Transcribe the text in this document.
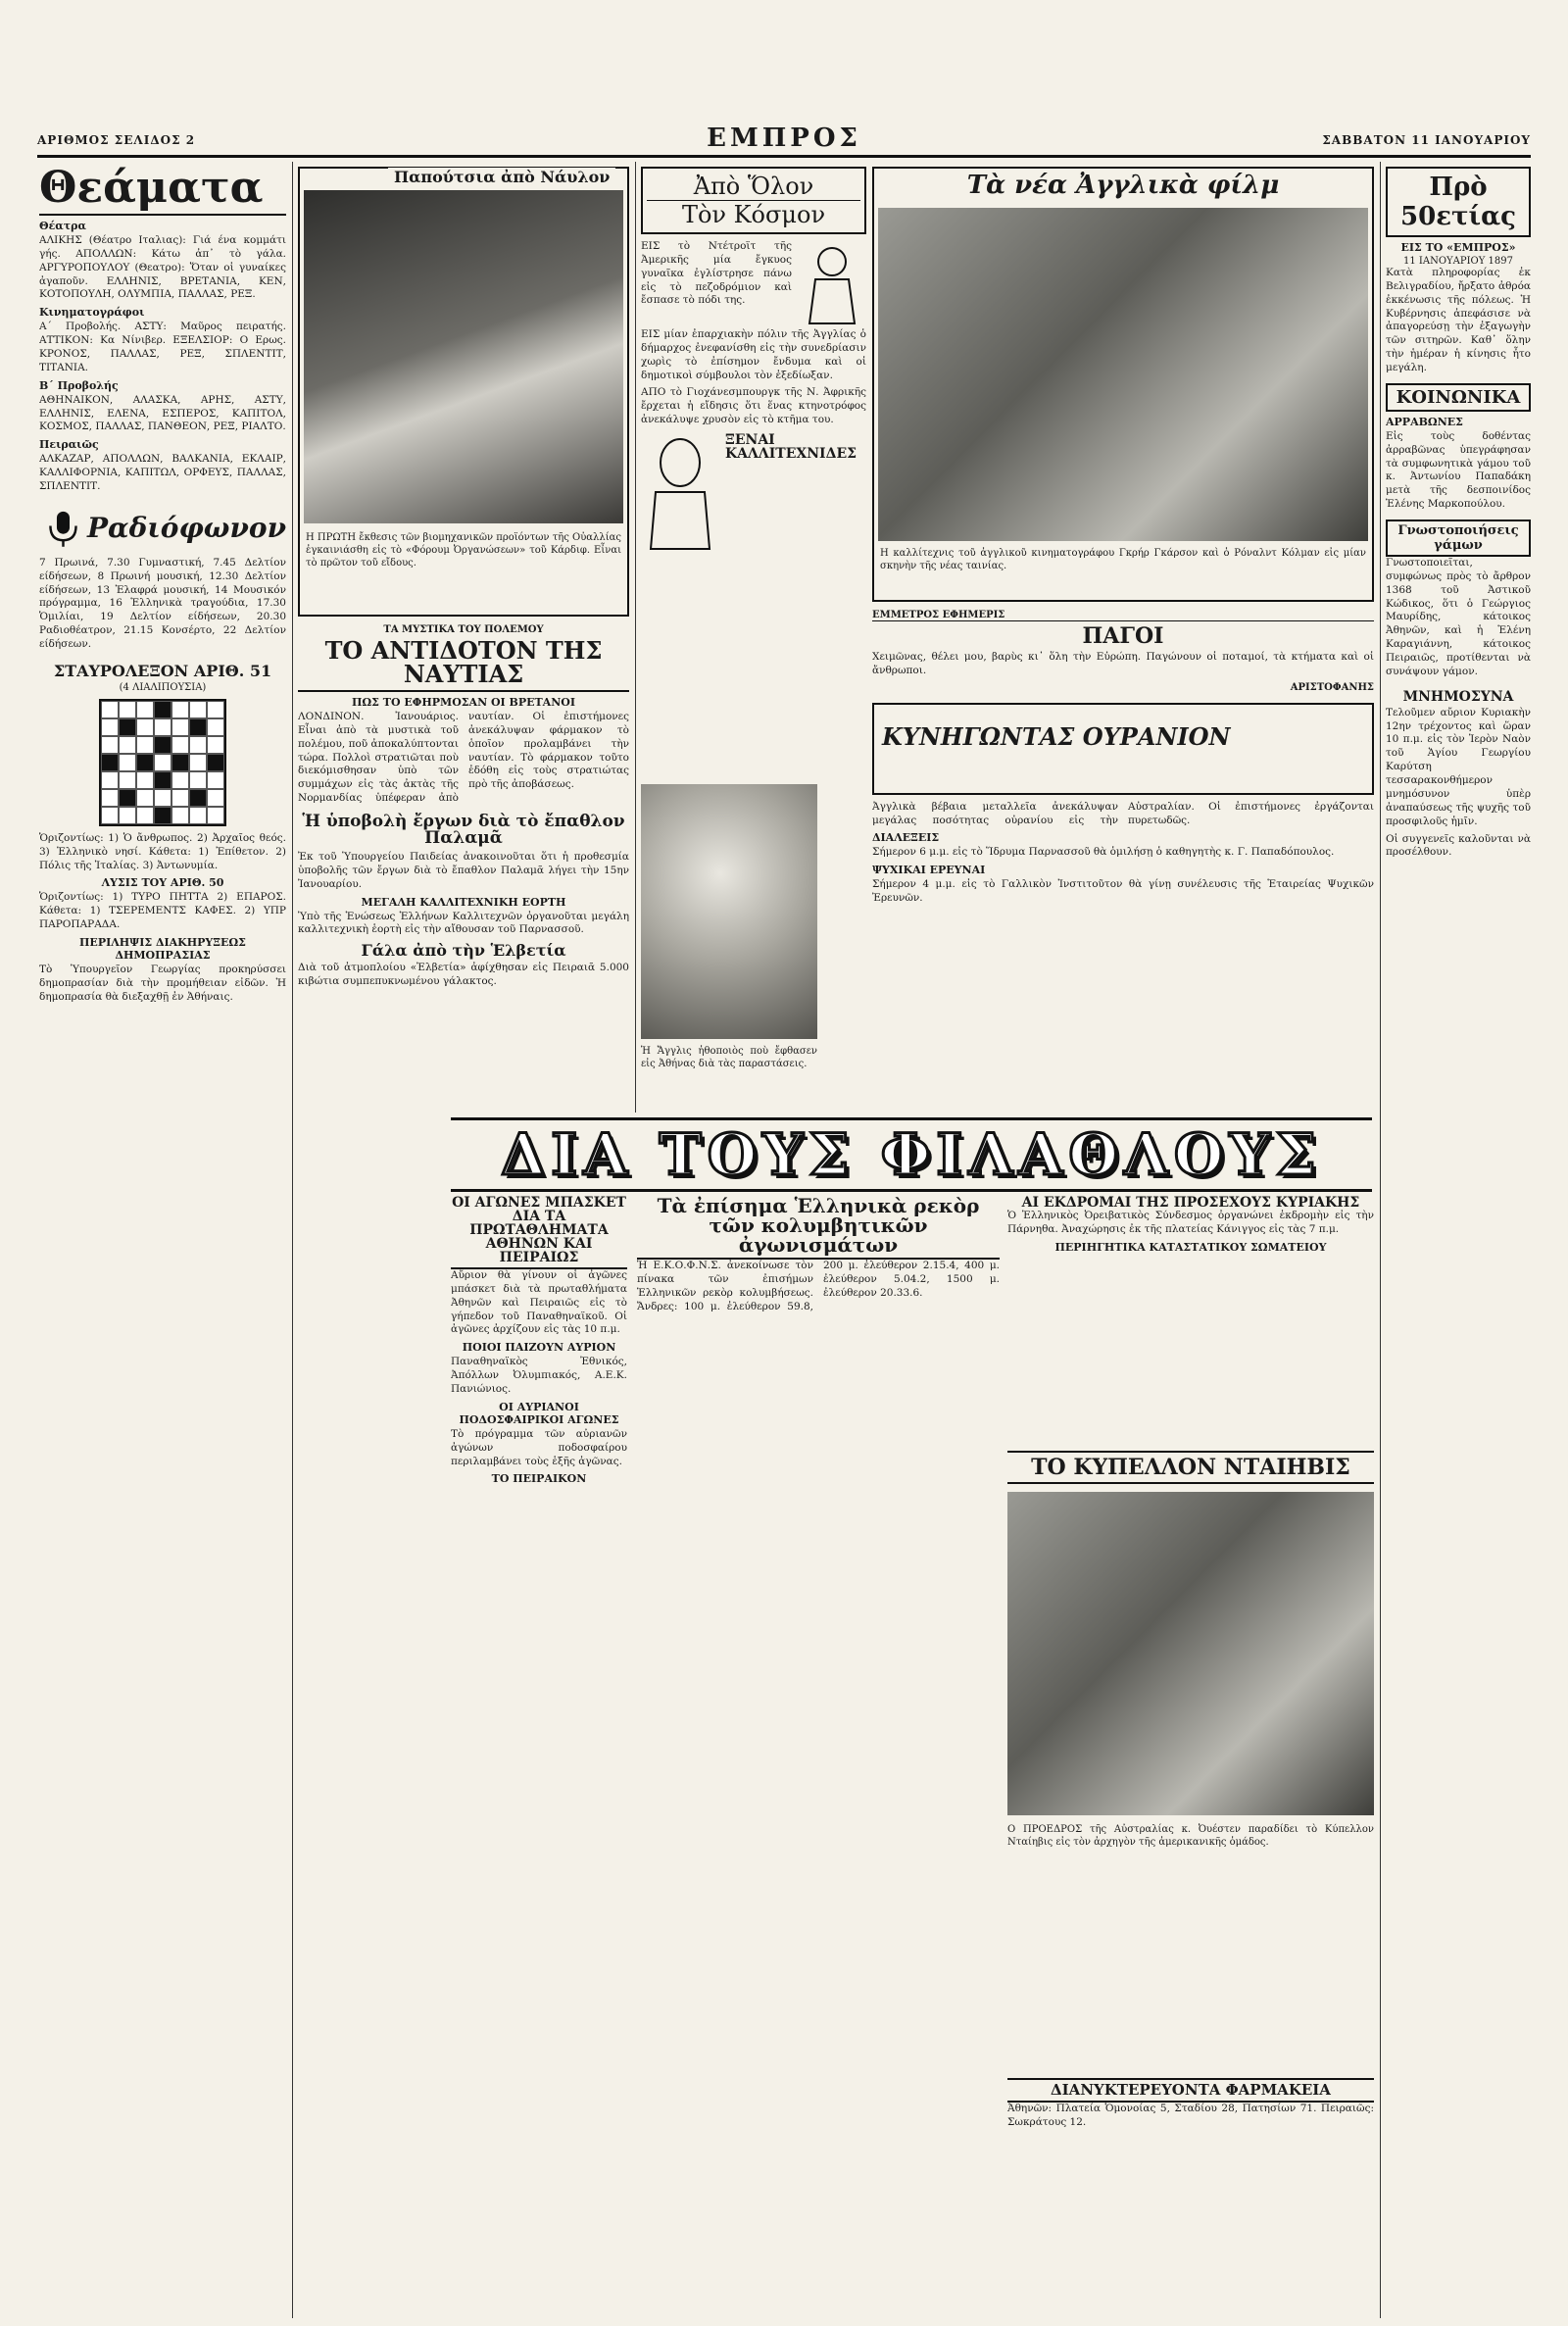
ΑΡΙΘΜΟΣ ΣΕΛΙΔΟΣ 2	ΕΜΠΡΟΣ	ΣΑΒΒΑΤΟΝ 11 ΙΑΝΟΥΑΡΙΟΥ
Θεάματα
Θέατρα

ΑΛΙΚΗΣ (Θέατρο Ιταλιας): Γιά ένα κομμάτι γής. ΑΠΟΛΛΩΝ: Κάτω ἀπ᾽ τὸ γάλα. ΑΡΓΥΡΟΠΟΥΛΟΥ (Θεατρο): Ὅταν οἱ γυναίκες ἀγαποῦν. ΕΛΛΗΝΙΣ, ΒΡΕΤΑΝΙΑ, ΚΕΝ, ΚΟΤΟΠΟΥΛΗ, ΟΛΥΜΠΙΑ, ΠΑΛΛΑΣ, ΡΕΞ.

Κινηματογράφοι

Α΄ Προβολής. ΑΣΤΥ: Μαῦρος πειρατής. ΑΤΤΙΚΟΝ: Κα Νίνιβερ. ΕΞΕΛΣΙΟΡ: Ο Ερως. ΚΡΟΝΟΣ, ΠΑΛΛΑΣ, ΡΕΞ, ΣΠΛΕΝΤΙΤ, ΤΙΤΑΝΙΑ.

Β΄ Προβολής

ΑΘΗΝΑΙΚΟΝ, ΑΛΑΣΚΑ, ΑΡΗΣ, ΑΣΤΥ, ΕΛΛΗΝΙΣ, ΕΛΕΝΑ, ΕΣΠΕΡΟΣ, ΚΑΠΙΤΟΛ, ΚΟΣΜΟΣ, ΠΑΛΛΑΣ, ΠΑΝΘΕΟΝ, ΡΕΞ, ΡΙΑΛΤΟ.

Πειραιῶς

ΑΛΚΑΖΑΡ, ΑΠΟΛΛΩΝ, ΒΑΛΚΑΝΙΑ, ΕΚΛΑΙΡ, ΚΑΛΛΙΦΟΡΝΙΑ, ΚΑΠΙΤΩΛ, ΟΡΦΕΥΣ, ΠΑΛΛΑΣ, ΣΠΛΕΝΤΙΤ.

Ραδιόφωνον

7 Πρωινά, 7.30 Γυμναστική, 7.45 Δελτίον είδήσεων, 8 Πρωινή μουσική, 12.30 Δελτίον είδήσεων, 13 Ἐλαφρά μουσική, 14 Μουσικόν πρόγραμμα, 16 Ἑλληνικὰ τραγούδια, 17.30 Ὁμιλίαι, 19 Δελτίον είδήσεων, 20.30 Ραδιοθέατρον, 21.15 Κονσέρτο, 22 Δελτίον είδήσεων.

ΣΤΑΥΡΟΛΕΞΟΝ ΑΡΙΘ. 51
(4 ΛΙΑΛΙΠΟΥΣΙΑ)

Ὁριζοντίως: 1) Ὁ ἄνθρωπος. 2) Ἀρχαῖος θεός. 3) Ἑλληνικὸ νησί. Κάθετα: 1) Ἐπίθετον. 2) Πόλις τῆς Ἰταλίας. 3) Ἀντωνυμία.

ΛΥΣΙΣ ΤΟΥ ΑΡΙΘ. 50

Ὁριζοντίως: 1) ΤΥΡΟ ΠΗΤΤΑ 2) ΕΠΑΡΟΣ. Κάθετα: 1) ΤΣΕΡΕΜΕΝΤΣ ΚΑΦΕΣ. 2) ΥΠΡ ΠΑΡΟΠΑΡΑΔΑ.

ΠΕΡΙΛΗΨΙΣ ΔΙΑΚΗΡΥΞΕΩΣ ΔΗΜΟΠΡΑΣΙΑΣ

Τὸ Ὑπουργεῖον Γεωργίας προκηρύσσει δημοπρασίαν διὰ τὴν προμήθειαν εἰδῶν. Ἡ δημοπρασία θὰ διεξαχθῇ ἐν Ἀθήναις.

Παπούτσια ἀπὸ Νάυλον
Η ΠΡΩΤΗ ἔκθεσις τῶν βιομηχανικῶν προϊόντων τῆς Οὐαλλίας ἐγκαινιάσθη εἰς τὸ «Φόρουμ Ὀργανώσεων» τοῦ Κάρδιφ. Εἶναι τὸ πρῶτον τοῦ εἴδους.
ΤΑ ΜΥΣΤΙΚΑ ΤΟΥ ΠΟΛΕΜΟΥ
ΤΟ ΑΝΤΙΔΟΤΟΝ ΤΗΣ ΝΑΥΤΙΑΣ
ΠΩΣ ΤΟ ΕΦΗΡΜΟΣΑΝ ΟΙ ΒΡΕΤΑΝΟΙ

ΛΟΝΔΙΝΟΝ. Ἰανουάριος. Εἶναι ἀπὸ τὰ μυστικὰ τοῦ πολέμου, ποῦ ἀποκαλύπτονται τώρα. Πολλοὶ στρατιῶται ποὺ διεκόμισθησαν ὑπὸ τῶν συμμάχων εἰς τὰς ἀκτὰς τῆς Νορμανδίας ὑπέφεραν ἀπὸ ναυτίαν. Οἱ ἐπιστήμονες ἀνεκάλυψαν φάρμακον τὸ ὁποῖον προλαμβάνει τὴν ναυτίαν. Τὸ φάρμακον τοῦτο ἐδόθη εἰς τοὺς στρατιώτας πρὸ τῆς ἀποβάσεως.

Ἡ ὑποβολὴ ἔργων διὰ τὸ ἔπαθλον Παλαμᾶ

Ἐκ τοῦ Ὑπουργείου Παιδείας ἀνακοινοῦται ὅτι ἡ προθεσμία ὑποβολῆς τῶν ἔργων διὰ τὸ ἔπαθλον Παλαμᾶ λήγει τὴν 15ην Ἰανουαρίου.

ΜΕΓΑΛΗ ΚΑΛΛΙΤΕΧΝΙΚΗ ΕΟΡΤΗ

Ὑπὸ τῆς Ἑνώσεως Ἑλλήνων Καλλιτεχνῶν ὀργανοῦται μεγάλη καλλιτεχνικὴ ἑορτὴ εἰς τὴν αἴθουσαν τοῦ Παρνασσοῦ.

Γάλα ἀπὸ τὴν Ἑλβετία

Διὰ τοῦ ἀτμοπλοίου «Ἑλβετία» ἀφίχθησαν εἰς Πειραιᾶ 5.000 κιβώτια συμπεπυκνωμένου γάλακτος.

Ἀπὸ Ὅλον
Τὸν Κόσμον

ΕΙΣ τὸ Ντέτροϊτ τῆς Ἀμερικῆς μία ἔγκυος γυναῖκα ἐγλίστρησε πάνω εἰς τὸ πεζοδρόμιον καὶ ἔσπασε τὸ πόδι της.

ΕΙΣ μίαν ἐπαρχιακὴν πόλιν τῆς Ἀγγλίας ὁ δήμαρχος ἐνεφανίσθη εἰς τὴν συνεδρίασιν χωρὶς τὸ ἐπίσημον ἔνδυμα καὶ οἱ δημοτικοὶ σύμβουλοι τὸν ἐξεδίωξαν.

ΑΠΟ τὸ Γιοχάνεσμπουργκ τῆς Ν. Ἀφρικῆς ἔρχεται ἡ εἴδησις ὅτι ἕνας κτηνοτρόφος ἀνεκάλυψε χρυσὸν εἰς τὸ κτῆμα του.

ΞΕΝΑΙ ΚΑΛΛΙΤΕΧΝΙΔΕΣ
Ἡ Ἄγγλις ἠθοποιὸς ποὺ ἔφθασεν εἰς Ἀθήνας διὰ τὰς παραστάσεις.
Τὰ νέα Ἀγγλικὰ φίλμ
Η καλλίτεχνις τοῦ ἀγγλικοῦ κινηματογράφου Γκρήρ Γκάρσον καὶ ὁ Ρόναλντ Κόλμαν εἰς μίαν σκηνὴν τῆς νέας ταινίας.
ΕΜΜΕΤΡΟΣ ΕΦΗΜΕΡΙΣ
ΠΑΓΟΙ

Χειμῶνας, θέλει μου, βαρὺς κι᾽ ὅλη τὴν Εὐρώπη. Παγώνουν οἱ ποταμοί, τὰ κτήματα καὶ οἱ ἄνθρωποι.

ΑΡΙΣΤΟΦΑΝΗΣ
ΚΥΝΗΓΩΝΤΑΣ ΟΥΡΑΝΙΟΝ

Ἀγγλικὰ βέβαια μεταλλεῖα ἀνεκάλυψαν μεγάλας ποσότητας οὐρανίου εἰς τὴν Αὐστραλίαν. Οἱ ἐπιστήμονες ἐργάζονται πυρετωδῶς.

ΔΙΑΛΕΞΕΙΣ

Σήμερον 6 μ.μ. εἰς τὸ Ἵδρυμα Παρνασσοῦ θὰ ὁμιλήσῃ ὁ καθηγητὴς κ. Γ. Παπαδόπουλος.

ΨΥΧΙΚΑΙ ΕΡΕΥΝΑΙ

Σήμερον 4 μ.μ. εἰς τὸ Γαλλικὸν Ἰνστιτοῦτον θὰ γίνῃ συνέλευσις τῆς Ἑταιρείας Ψυχικῶν Ἐρευνῶν.

Πρὸ 50ετίας
ΕΙΣ ΤΟ «ΕΜΠΡΟΣ»
11 ΙΑΝΟΥΑΡΙΟΥ 1897

Κατὰ πληροφορίας ἐκ Βελιγραδίου, ἤρξατο ἀθρόα ἐκκένωσις τῆς πόλεως. Ἡ Κυβέρνησις ἀπεφάσισε νὰ ἀπαγορεύσῃ τὴν ἐξαγωγὴν τῶν σιτηρῶν. Καθ᾽ ὅλην τὴν ἡμέραν ἡ κίνησις ἦτο μεγάλη.

ΚΟΙΝΩΝΙΚΑ
ΑΡΡΑΒΩΝΕΣ

Εἰς τοὺς δοθέντας ἀρραβῶνας ὑπεγράφησαν τὰ συμφωνητικὰ γάμου τοῦ κ. Ἀντωνίου Παπαδάκη μετὰ τῆς δεσποινίδος Ἑλένης Μαρκοπούλου.

Γνωστοποιήσεις γάμων

Γνωστοποιεῖται, συμφώνως πρὸς τὸ ἄρθρον 1368 τοῦ Ἀστικοῦ Κώδικος, ὅτι ὁ Γεώργιος Μαυρίδης, κάτοικος Ἀθηνῶν, καὶ ἡ Ἑλένη Καραγιάννη, κάτοικος Πειραιῶς, προτίθενται νὰ συνάψουν γάμον.

ΜΝΗΜΟΣΥΝΑ

Τελοῦμεν αὔριον Κυριακὴν 12ην τρέχοντος καὶ ὥραν 10 π.μ. εἰς τὸν Ἱερὸν Ναὸν τοῦ Ἁγίου Γεωργίου Καρύτση τεσσαρακονθήμερον μνημόσυνον ὑπὲρ ἀναπαύσεως τῆς ψυχῆς τοῦ προσφιλοῦς ἡμῖν.

Οἱ συγγενεῖς καλοῦνται νὰ προσέλθουν.

ΔΙΑ ΤΟΥΣ ΦΙΛΑΘΛΟΥΣ
ΟΙ ΑΓΩΝΕΣ ΜΠΑΣΚΕΤ ΔΙΑ ΤΑ ΠΡΩΤΑΘΛΗΜΑΤΑ ΑΘΗΝΩΝ ΚΑΙ ΠΕΙΡΑΙΩΣ

Αὔριον θὰ γίνουν οἱ ἀγῶνες μπάσκετ διὰ τὰ πρωταθλήματα Ἀθηνῶν καὶ Πειραιῶς εἰς τὸ γήπεδον τοῦ Παναθηναϊκοῦ. Οἱ ἀγῶνες ἀρχίζουν εἰς τὰς 10 π.μ.

ΠΟΙΟΙ ΠΑΙΖΟΥΝ ΑΥΡΙΟΝ

Παναθηναϊκὸς Ἐθνικός, Ἀπόλλων Ὀλυμπιακός, Α.Ε.Κ. Πανιώνιος.

ΟΙ ΑΥΡΙΑΝΟΙ ΠΟΔΟΣΦΑΙΡΙΚΟΙ ΑΓΩΝΕΣ

Τὸ πρόγραμμα τῶν αὐριανῶν ἀγώνων ποδοσφαίρου περιλαμβάνει τοὺς ἑξῆς ἀγῶνας.

ΤΟ ΠΕΙΡΑΙΚΟΝ
Τὰ ἐπίσημα Ἑλληνικὰ ρεκὸρ τῶν κολυμβητικῶν ἀγωνισμάτων

Ἡ Ε.Κ.Ο.Φ.Ν.Σ. ἀνεκοίνωσε τὸν πίνακα τῶν ἐπισήμων Ἑλληνικῶν ρεκὸρ κολυμβήσεως. Ἄνδρες: 100 μ. ἐλεύθερον 59.8, 200 μ. ἐλεύθερον 2.15.4, 400 μ. ἐλεύθερον 5.04.2, 1500 μ. ἐλεύθερον 20.33.6.

ΑΙ ΕΚΔΡΟΜΑΙ ΤΗΣ ΠΡΟΣΕΧΟΥΣ ΚΥΡΙΑΚΗΣ

Ὁ Ἑλληνικὸς Ὀρειβατικὸς Σύνδεσμος ὀργανώνει ἐκδρομὴν εἰς τὴν Πάρνηθα. Ἀναχώρησις ἐκ τῆς πλατείας Κάνιγγος εἰς τὰς 7 π.μ.

ΠΕΡΙΗΓΗΤΙΚΑ ΚΑΤΑΣΤΑΤΙΚΟΥ ΣΩΜΑΤΕΙΟΥ
ΤΟ ΚΥΠΕΛΛΟΝ ΝΤΑΙΗΒΙΣ
Ο ΠΡΟΕΔΡΟΣ τῆς Αὐστραλίας κ. Ὀυέστεν παραδίδει τὸ Κύπελλον Νταίηβις εἰς τὸν ἀρχηγὸν τῆς ἀμερικανικῆς ὁμάδος.
ΔΙΑΝΥΚΤΕΡΕΥΟΝΤΑ ΦΑΡΜΑΚΕΙΑ

Ἀθηνῶν: Πλατεία Ὁμονοίας 5, Σταδίου 28, Πατησίων 71. Πειραιῶς: Σωκράτους 12.
